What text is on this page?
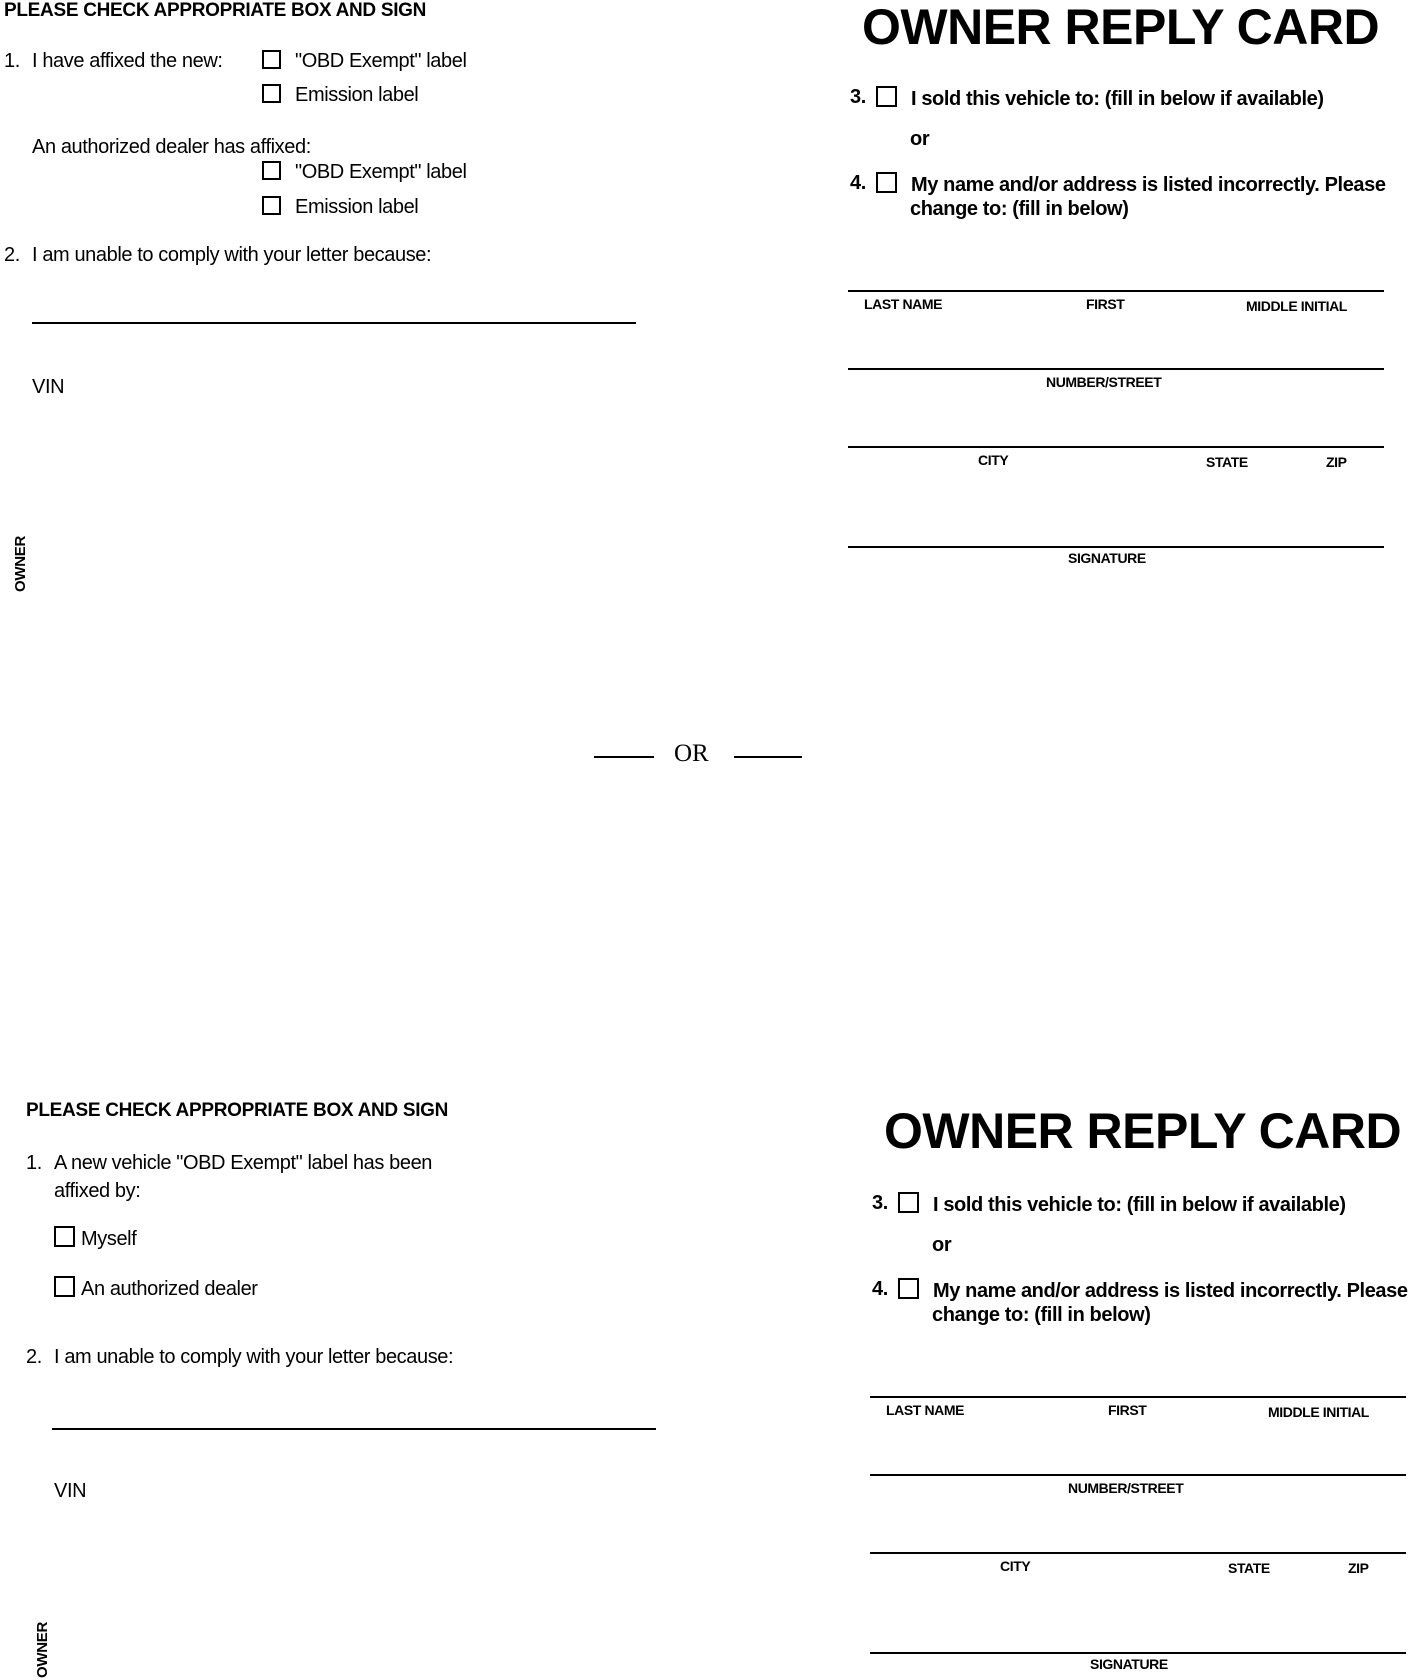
PLEASE CHECK APPROPRIATE BOX AND SIGN
1. I have affixed the new:	"OBD Exempt" label
Emission label
An authorized dealer has affixed:
"OBD Exempt" label
Emission label
2. I am unable to comply with your letter because:
VIN
OWNER
OWNER REPLY CARD
3.	I sold this vehicle to: (fill in below if available)
or
4.	My name and/or address is listed incorrectly. Please
change to: (fill in below)
LAST NAME	FIRST	MIDDLE INITIAL
NUMBER/STREET
CITY	STATE	ZIP
SIGNATURE
OR
PLEASE CHECK APPROPRIATE BOX AND SIGN
1. A new vehicle "OBD Exempt" label has been
affixed by:
Myself
An authorized dealer
2. I am unable to comply with your letter because:
VIN
OWNER
OWNER REPLY CARD
3.	I sold this vehicle to: (fill in below if available)
or
4.	My name and/or address is listed incorrectly. Please
change to: (fill in below)
LAST NAME	FIRST	MIDDLE INITIAL
NUMBER/STREET
CITY	STATE	ZIP
SIGNATURE
